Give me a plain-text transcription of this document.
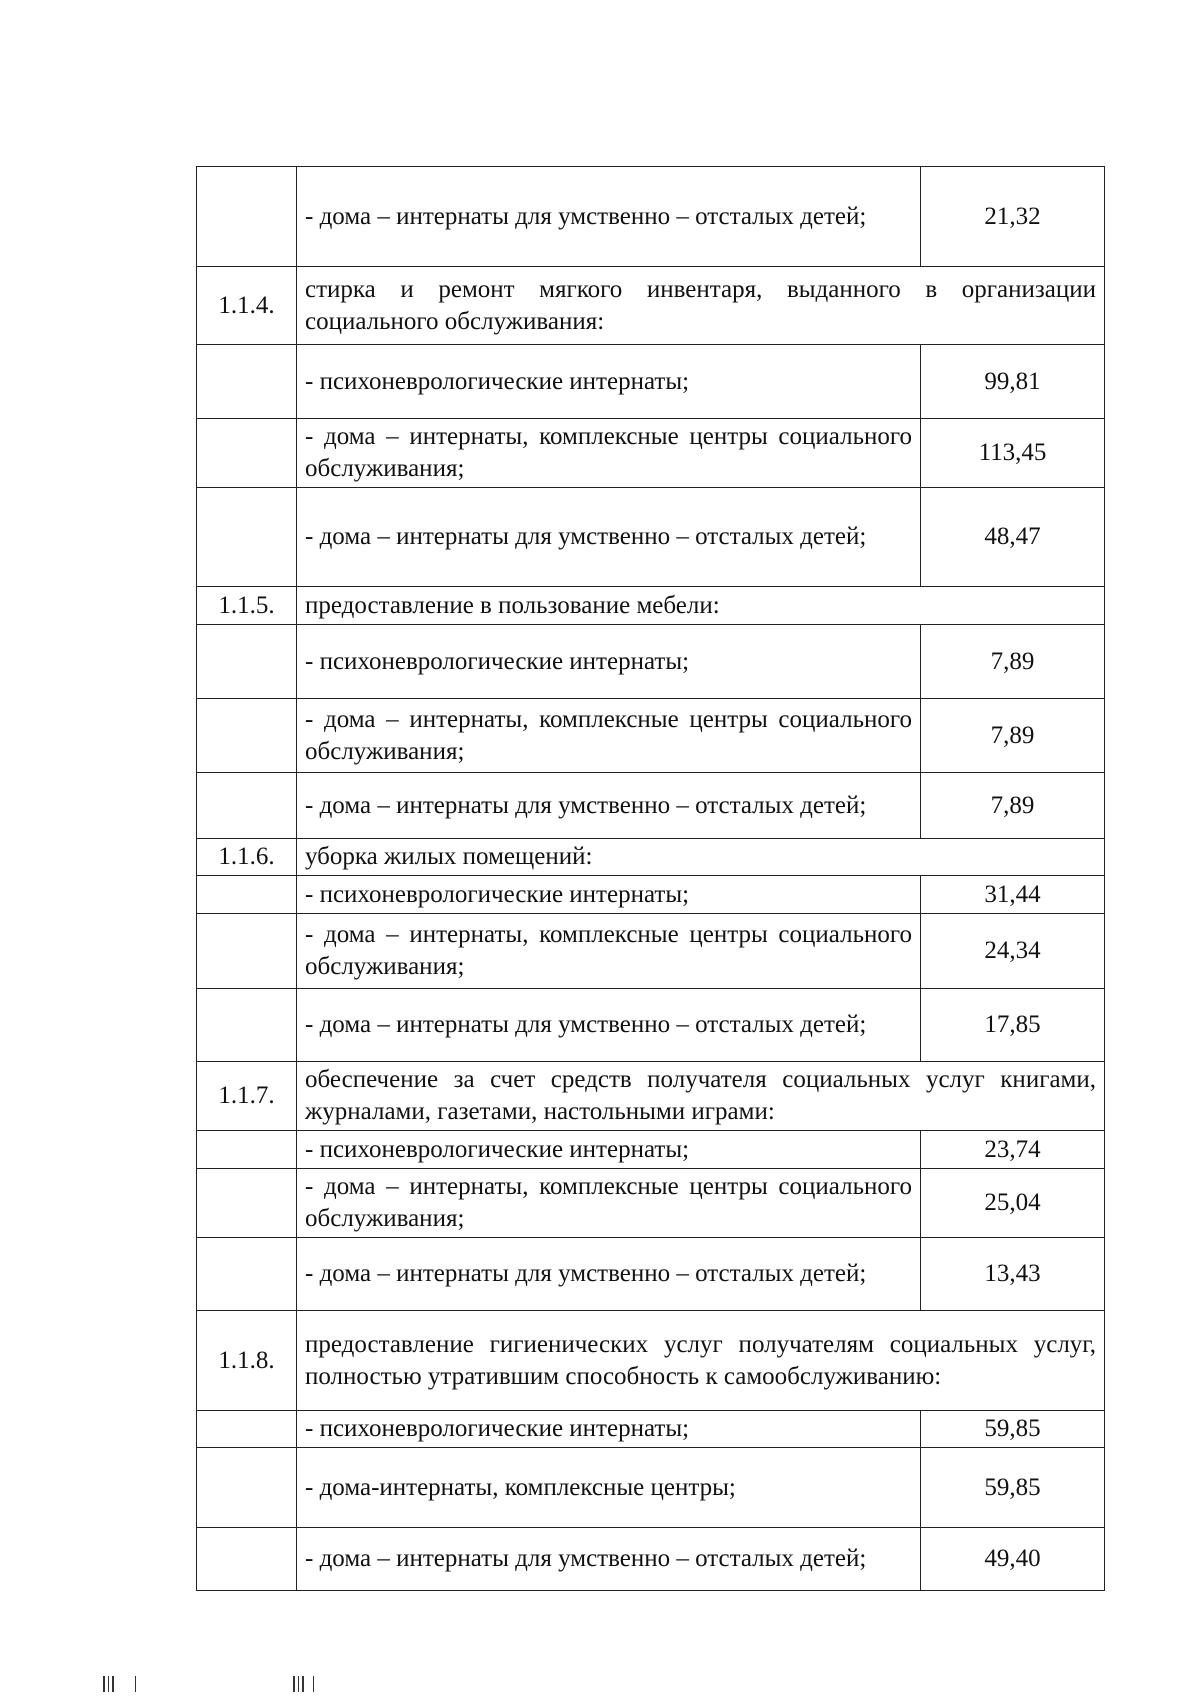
	- дома – интернаты для умственно – отсталых детей;	21,32
1.1.4.	стирка и ремонт мягкого инвентаря, выданного в организации социального обслуживания:	
	- психоневрологические интернаты;	99,81
	- дома – интернаты, комплексные центры социального обслуживания;	113,45
	- дома – интернаты для умственно – отсталых детей;	48,47
1.1.5.	предоставление в пользование мебели:	
	- психоневрологические интернаты;	7,89
	- дома – интернаты, комплексные центры социального обслуживания;	7,89
	- дома – интернаты для умственно – отсталых детей;	7,89
1.1.6.	уборка жилых помещений:	
	- психоневрологические интернаты;	31,44
	- дома – интернаты, комплексные центры социального обслуживания;	24,34
	- дома – интернаты для умственно – отсталых детей;	17,85
1.1.7.	обеспечение за счет средств получателя социальных услуг книгами, журналами, газетами, настольными играми:	
	- психоневрологические интернаты;	23,74
	- дома – интернаты, комплексные центры социального обслуживания;	25,04
	- дома – интернаты для умственно – отсталых детей;	13,43
1.1.8.	предоставление гигиенических услуг получателям социальных услуг, полностью утратившим способность к самообслуживанию:	
	- психоневрологические интернаты;	59,85
	- дома-интернаты, комплексные центры;	59,85
	- дома – интернаты для умственно – отсталых детей;	49,40
